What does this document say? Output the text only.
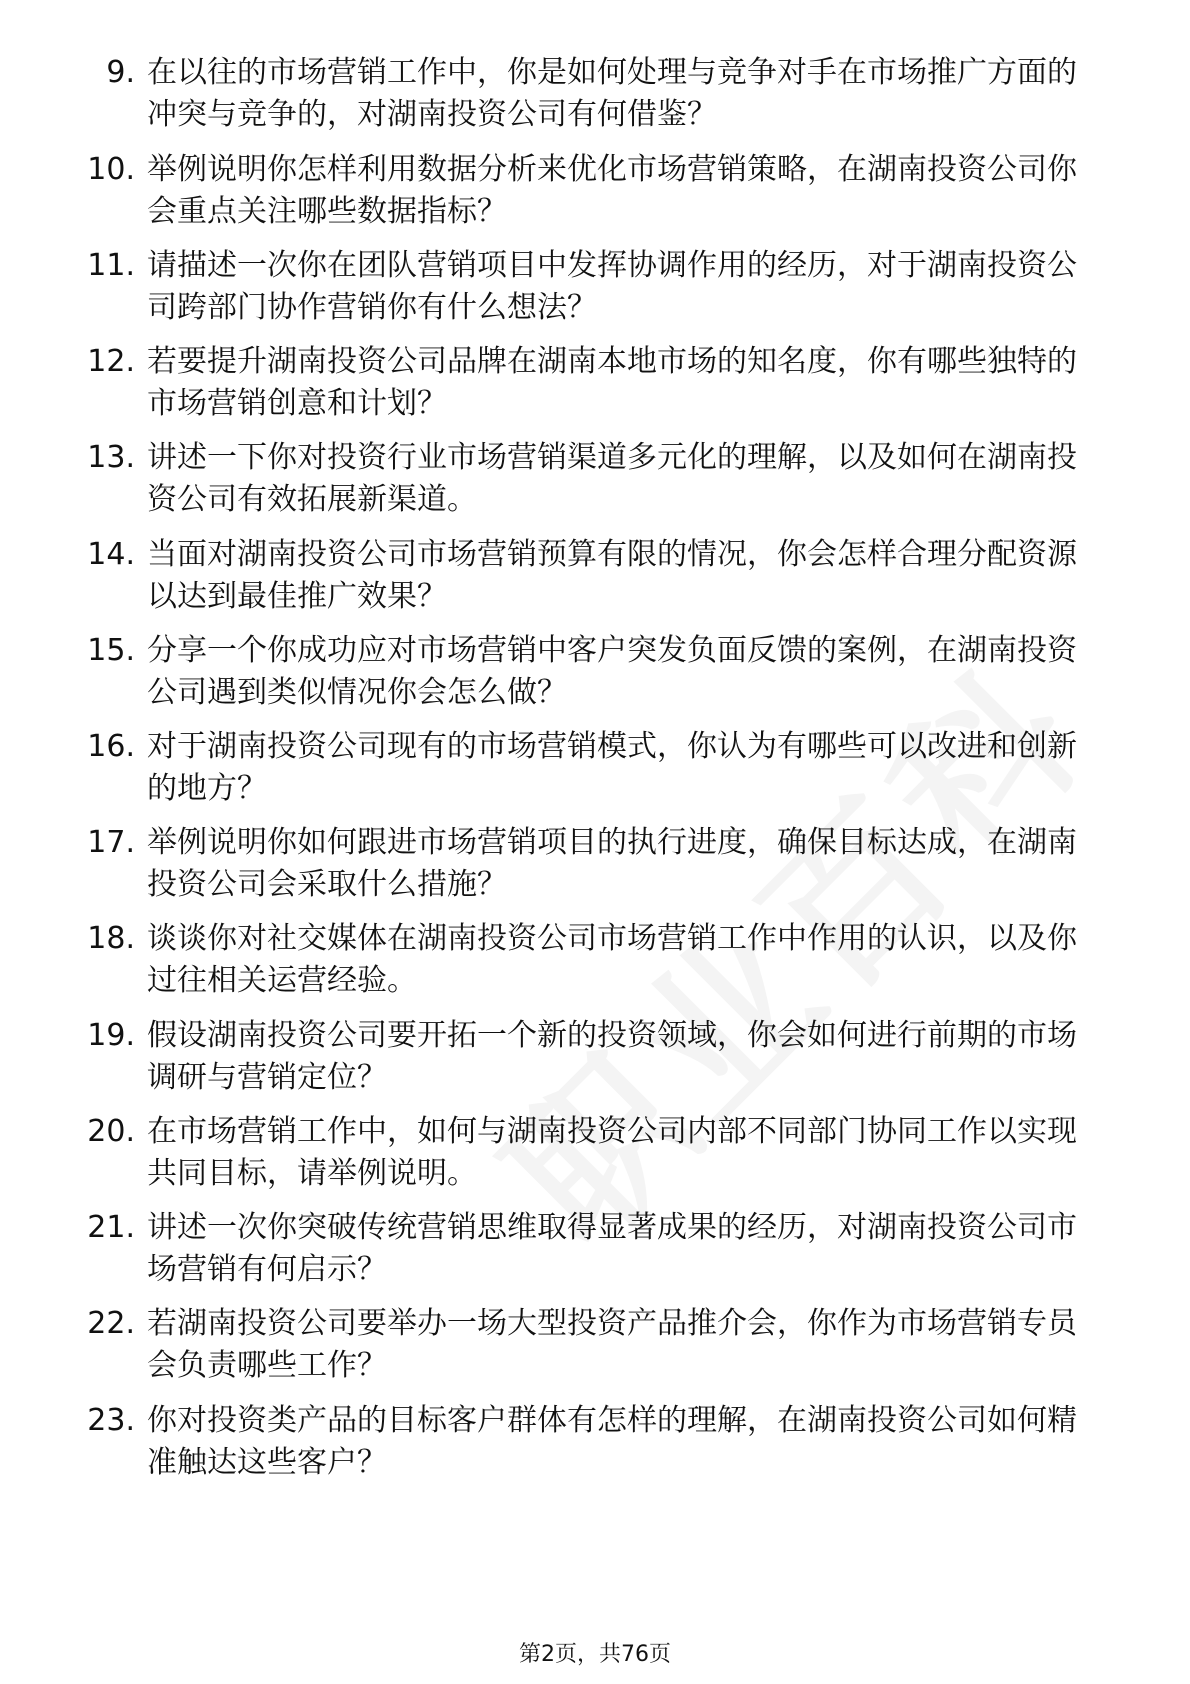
9. 在以往的市场营销工作中，你是如何处理与竞争对手在市场推广方面的冲突与竞争的，对湖南投资公司有何借鉴？
10. 举例说明你怎样利用数据分析来优化市场营销策略，在湖南投资公司你会重点关注哪些数据指标？
11. 请描述一次你在团队营销项目中发挥协调作用的经历，对于湖南投资公司跨部门协作营销你有什么想法？
12. 若要提升湖南投资公司品牌在湖南本地市场的知名度，你有哪些独特的市场营销创意和计划？
13. 讲述一下你对投资行业市场营销渠道多元化的理解，以及如何在湖南投资公司有效拓展新渠道。
14. 当面对湖南投资公司市场营销预算有限的情况，你会怎样合理分配资源以达到最佳推广效果？
15. 分享一个你成功应对市场营销中客户突发负面反馈的案例，在湖南投资公司遇到类似情况你会怎么做？
16. 对于湖南投资公司现有的市场营销模式，你认为有哪些可以改进和创新的地方？
17. 举例说明你如何跟进市场营销项目的执行进度，确保目标达成，在湖南投资公司会采取什么措施？
18. 谈谈你对社交媒体在湖南投资公司市场营销工作中作用的认识，以及你过往相关运营经验。
19. 假设湖南投资公司要开拓一个新的投资领域，你会如何进行前期的市场调研与营销定位？
20. 在市场营销工作中，如何与湖南投资公司内部不同部门协同工作以实现共同目标，请举例说明。
21. 讲述一次你突破传统营销思维取得显著成果的经历，对湖南投资公司市场营销有何启示？
22. 若湖南投资公司要举办一场大型投资产品推介会，你作为市场营销专员会负责哪些工作？
23. 你对投资类产品的目标客户群体有怎样的理解，在湖南投资公司如何精准触达这些客户？
第2页，共76页
